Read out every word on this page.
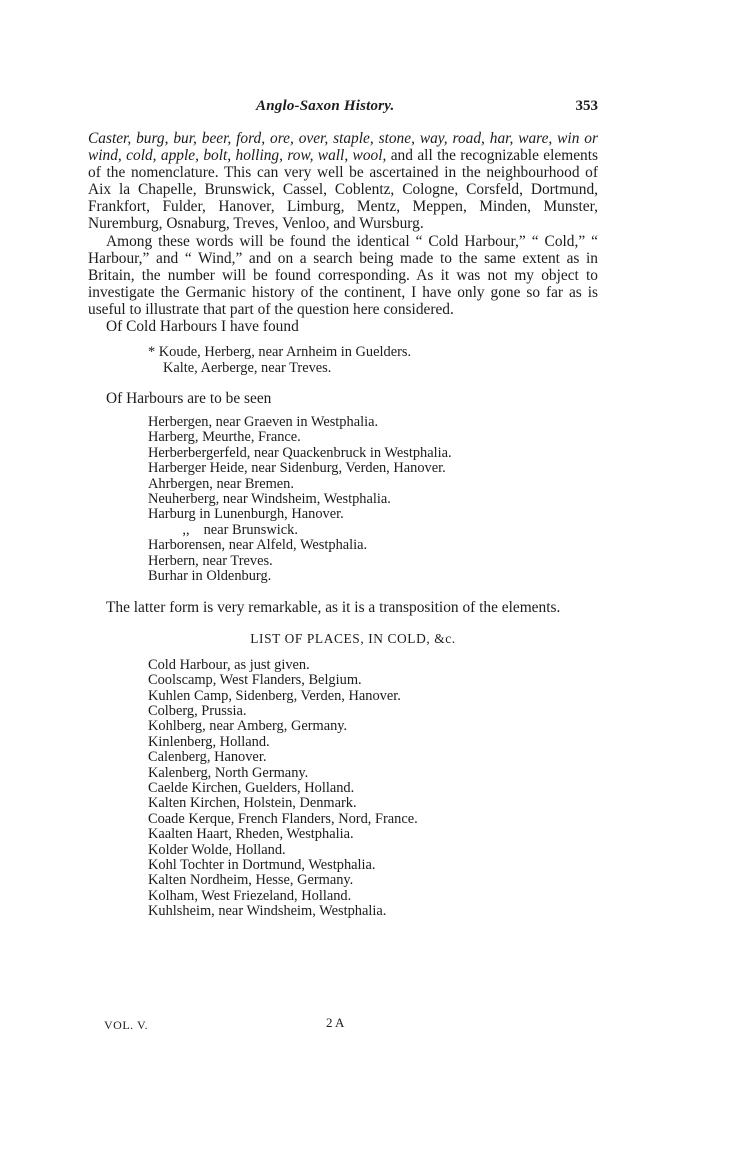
Anglo-Saxon History.	353

Caster, burg, bur, beer, ford, ore, over, staple, stone, way, road, har, ware, win or wind, cold, apple, bolt, holling, row, wall, wool, and all the recognizable elements of the nomenclature. This can very well be ascertained in the neighbourhood of Aix la Chapelle, Brunswick, Cassel, Coblentz, Cologne, Corsfeld, Dortmund, Frankfort, Fulder, Hanover, Limburg, Mentz, Meppen, Minden, Munster, Nuremburg, Osnaburg, Treves, Venloo, and Wursburg.

Among these words will be found the identical “ Cold Harbour,” “ Cold,” “ Harbour,” and “ Wind,” and on a search being made to the same extent as in Britain, the number will be found corresponding. As it was not my object to investigate the Germanic history of the continent, I have only gone so far as is useful to illustrate that part of the question here considered.

Of Cold Harbours I have found

* Koude, Herberg, near Arnheim in Guelders.
Kalte, Aerberge, near Treves.

Of Harbours are to be seen

Herbergen, near Graeven in Westphalia.
Harberg, Meurthe, France.
Herberbergerfeld, near Quackenbruck in Westphalia.
Harberger Heide, near Sidenburg, Verden, Hanover.
Ahrbergen, near Bremen.
Neuherberg, near Windsheim, Westphalia.
Harburg in Lunenburgh, Hanover.
,, near Brunswick.
Harborensen, near Alfeld, Westphalia.
Herbern, near Treves.
Burhar in Oldenburg.

The latter form is very remarkable, as it is a transposition of the elements.

LIST OF PLACES, IN COLD, &c.
Cold Harbour, as just given.
Coolscamp, West Flanders, Belgium.
Kuhlen Camp, Sidenberg, Verden, Hanover.
Colberg, Prussia.
Kohlberg, near Amberg, Germany.
Kinlenberg, Holland.
Calenberg, Hanover.
Kalenberg, North Germany.
Caelde Kirchen, Guelders, Holland.
Kalten Kirchen, Holstein, Denmark.
Coade Kerque, French Flanders, Nord, France.
Kaalten Haart, Rheden, Westphalia.
Kolder Wolde, Holland.
Kohl Tochter in Dortmund, Westphalia.
Kalten Nordheim, Hesse, Germany.
Kolham, West Friezeland, Holland.
Kuhlsheim, near Windsheim, Westphalia.
VOL. V.	2 A
